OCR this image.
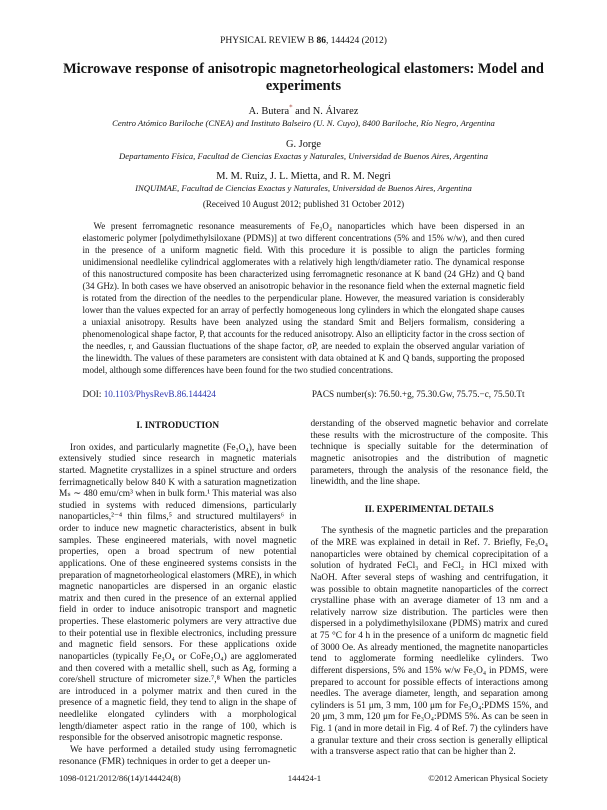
PHYSICAL REVIEW B 86, 144424 (2012)
Microwave response of anisotropic magnetorheological elastomers: Model and experiments
A. Butera* and N. Álvarez
Centro Atómico Bariloche (CNEA) and Instituto Balseiro (U. N. Cuyo), 8400 Bariloche, Río Negro, Argentina
G. Jorge
Departamento Física, Facultad de Ciencias Exactas y Naturales, Universidad de Buenos Aires, Argentina
M. M. Ruiz, J. L. Mietta, and R. M. Negri
INQUIMAE, Facultad de Ciencias Exactas y Naturales, Universidad de Buenos Aires, Argentina
(Received 10 August 2012; published 31 October 2012)
We present ferromagnetic resonance measurements of Fe₃O₄ nanoparticles which have been dispersed in an elastomeric polymer [polydimethylsiloxane (PDMS)] at two different concentrations (5% and 15% w/w), and then cured in the presence of a uniform magnetic field. With this procedure it is possible to align the particles forming unidimensional needlelike cylindrical agglomerates with a relatively high length/diameter ratio. The dynamical response of this nanostructured composite has been characterized using ferromagnetic resonance at K band (24 GHz) and Q band (34 GHz). In both cases we have observed an anisotropic behavior in the resonance field when the external magnetic field is rotated from the direction of the needles to the perpendicular plane. However, the measured variation is considerably lower than the values expected for an array of perfectly homogeneous long cylinders in which the elongated shape causes a uniaxial anisotropy. Results have been analyzed using the standard Smit and Beljers formalism, considering a phenomenological shape factor, P, that accounts for the reduced anisotropy. Also an ellipticity factor in the cross section of the needles, r, and Gaussian fluctuations of the shape factor, σP, are needed to explain the observed angular variation of the linewidth. The values of these parameters are consistent with data obtained at K and Q bands, supporting the proposed model, although some differences have been found for the two studied concentrations.
DOI: 10.1103/PhysRevB.86.144424	PACS number(s): 76.50.+g, 75.30.Gw, 75.75.−c, 75.50.Tt
I. INTRODUCTION

Iron oxides, and particularly magnetite (Fe₃O₄), have been extensively studied since research in magnetic materials started. Magnetite crystallizes in a spinel structure and orders ferrimagnetically below 840 K with a saturation magnetization Mₛ ∼ 480 emu/cm³ when in bulk form.¹ This material was also studied in systems with reduced dimensions, particularly nanoparticles,²⁻⁴ thin films,⁵ and structured multilayers⁶ in order to induce new magnetic characteristics, absent in bulk samples. These engineered materials, with novel magnetic properties, open a broad spectrum of new potential applications. One of these engineered systems consists in the preparation of magnetorheological elastomers (MRE), in which magnetic nanoparticles are dispersed in an organic elastic matrix and then cured in the presence of an external applied field in order to induce anisotropic transport and magnetic properties. These elastomeric polymers are very attractive due to their potential use in flexible electronics, including pressure and magnetic field sensors. For these applications oxide nanoparticles (typically Fe₃O₄ or CoFe₂O₄) are agglomerated and then covered with a metallic shell, such as Ag, forming a core/shell structure of micrometer size.⁷,⁸ When the particles are introduced in a polymer matrix and then cured in the presence of a magnetic field, they tend to align in the shape of needlelike elongated cylinders with a morphological length/diameter aspect ratio in the range of 100, which is responsible for the observed anisotropic magnetic response.

We have performed a detailed study using ferromagnetic resonance (FMR) techniques in order to get a deeper un-

derstanding of the observed magnetic behavior and correlate these results with the microstructure of the composite. This technique is specially suitable for the determination of magnetic anisotropies and the distribution of magnetic parameters, through the analysis of the resonance field, the linewidth, and the line shape.

II. EXPERIMENTAL DETAILS

The synthesis of the magnetic particles and the preparation of the MRE was explained in detail in Ref. 7. Briefly, Fe₃O₄ nanoparticles were obtained by chemical coprecipitation of a solution of hydrated FeCl₃ and FeCl₂ in HCl mixed with NaOH. After several steps of washing and centrifugation, it was possible to obtain magnetite nanoparticles of the correct crystalline phase with an average diameter of 13 nm and a relatively narrow size distribution. The particles were then dispersed in a polydimethylsiloxane (PDMS) matrix and cured at 75 °C for 4 h in the presence of a uniform dc magnetic field of 3000 Oe. As already mentioned, the magnetite nanoparticles tend to agglomerate forming needlelike cylinders. Two different dispersions, 5% and 15% w/w Fe₃O₄ in PDMS, were prepared to account for possible effects of interactions among needles. The average diameter, length, and separation among cylinders is 51 μm, 3 mm, 100 μm for Fe₃O₄:PDMS 15%, and 20 μm, 3 mm, 120 μm for Fe₃O₄:PDMS 5%. As can be seen in Fig. 1 (and in more detail in Fig. 4 of Ref. 7) the cylinders have a granular texture and their cross section is generally elliptical with a transverse aspect ratio that can be higher than 2.

1098-0121/2012/86(14)/144424(8)	144424-1	©2012 American Physical Society
